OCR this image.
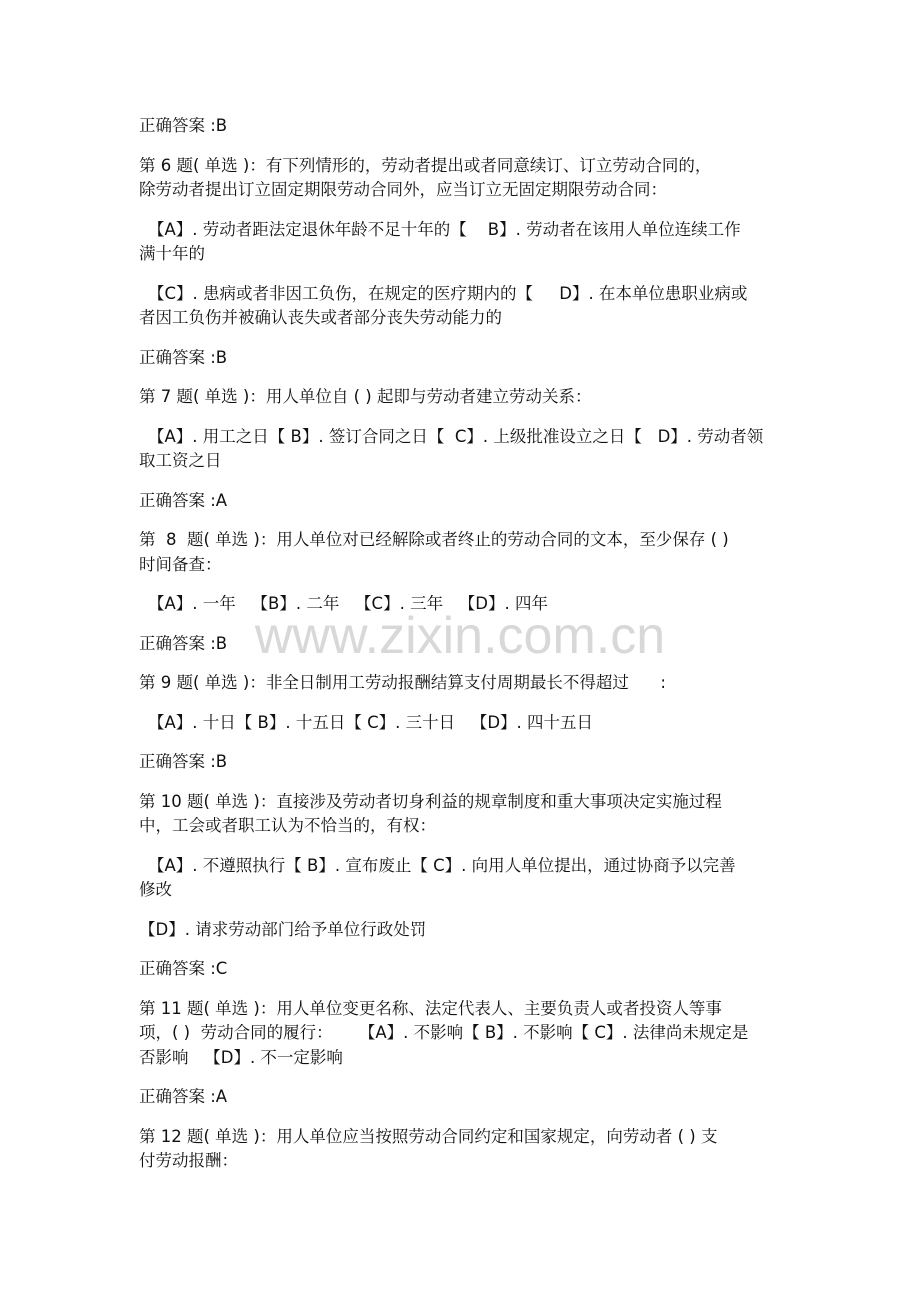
www.zixin.com.cn
正确答案 :B
第 6 题( 单选 )：有下列情形的，劳动者提出或者同意续订、订立劳动合同的，
除劳动者提出订立固定期限劳动合同外，应当订立无固定期限劳动合同：
【A】. 劳动者距法定退休年龄不足十年的【    B】. 劳动者在该用人单位连续工作
满十年的
【C】. 患病或者非因工负伤，在规定的医疗期内的【     D】. 在本单位患职业病或
者因工负伤并被确认丧失或者部分丧失劳动能力的
正确答案 :B
第 7 题( 单选 )：用人单位自 ( ) 起即与劳动者建立劳动关系：
【A】. 用工之日【 B】. 签订合同之日【  C】. 上级批准设立之日【   D】. 劳动者领
取工资之日
正确答案 :A
第  8  题( 单选 )：用人单位对已经解除或者终止的劳动合同的文本，至少保存 ( )
时间备查：
【A】. 一年   【B】. 二年   【C】. 三年   【D】. 四年
正确答案 :B
第 9 题( 单选 )：非全日制用工劳动报酬结算支付周期最长不得超过      :
【A】. 十日【 B】. 十五日【 C】. 三十日   【D】. 四十五日
正确答案 :B
第 10 题( 单选 )：直接涉及劳动者切身利益的规章制度和重大事项决定实施过程
中，工会或者职工认为不恰当的，有权：
【A】. 不遵照执行【 B】. 宣布废止【 C】. 向用人单位提出，通过协商予以完善
修改
【D】. 请求劳动部门给予单位行政处罚
正确答案 :C
第 11 题( 单选 )：用人单位变更名称、法定代表人、主要负责人或者投资人等事
项，( )  劳动合同的履行：     【A】. 不影响【 B】. 不影响【 C】. 法律尚未规定是
否影响   【D】. 不一定影响
正确答案 :A
第 12 题( 单选 )：用人单位应当按照劳动合同约定和国家规定，向劳动者 ( ) 支
付劳动报酬：
